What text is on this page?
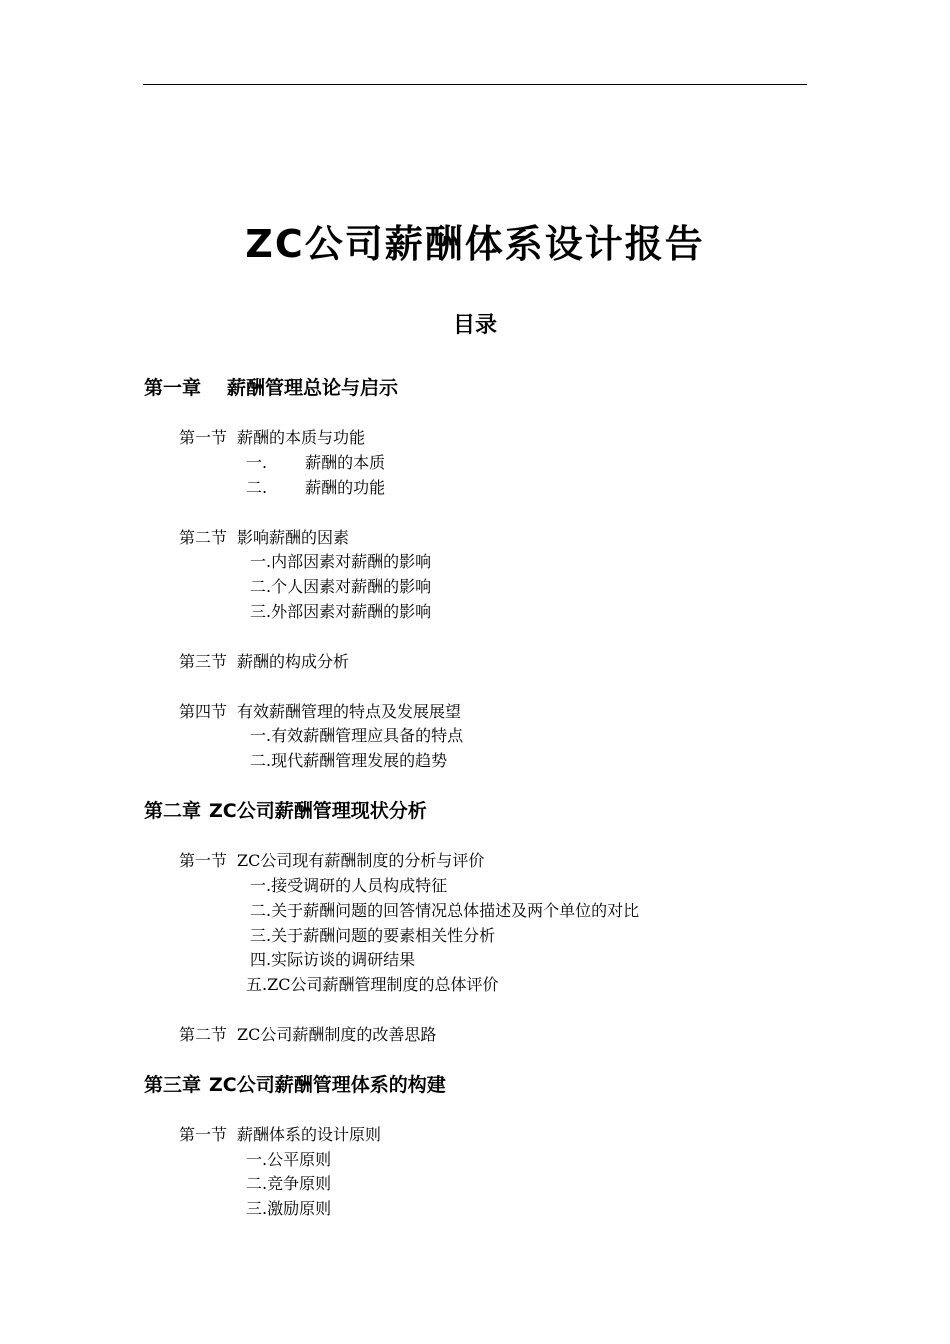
ZC公司薪酬体系设计报告
目录
第一章 薪酬管理总论与启示
第一节 薪酬的本质与功能
一. 薪酬的本质
二. 薪酬的功能
第二节 影响薪酬的因素
一.内部因素对薪酬的影响
二.个人因素对薪酬的影响
三.外部因素对薪酬的影响
第三节 薪酬的构成分析
第四节 有效薪酬管理的特点及发展展望
一.有效薪酬管理应具备的特点
二.现代薪酬管理发展的趋势
第二章 ZC公司薪酬管理现状分析
第一节 ZC公司现有薪酬制度的分析与评价
一.接受调研的人员构成特征
二.关于薪酬问题的回答情况总体描述及两个单位的对比
三.关于薪酬问题的要素相关性分析
四.实际访谈的调研结果
五.ZC公司薪酬管理制度的总体评价
第二节 ZC公司薪酬制度的改善思路
第三章 ZC公司薪酬管理体系的构建
第一节 薪酬体系的设计原则
一.公平原则
二.竞争原则
三.激励原则
